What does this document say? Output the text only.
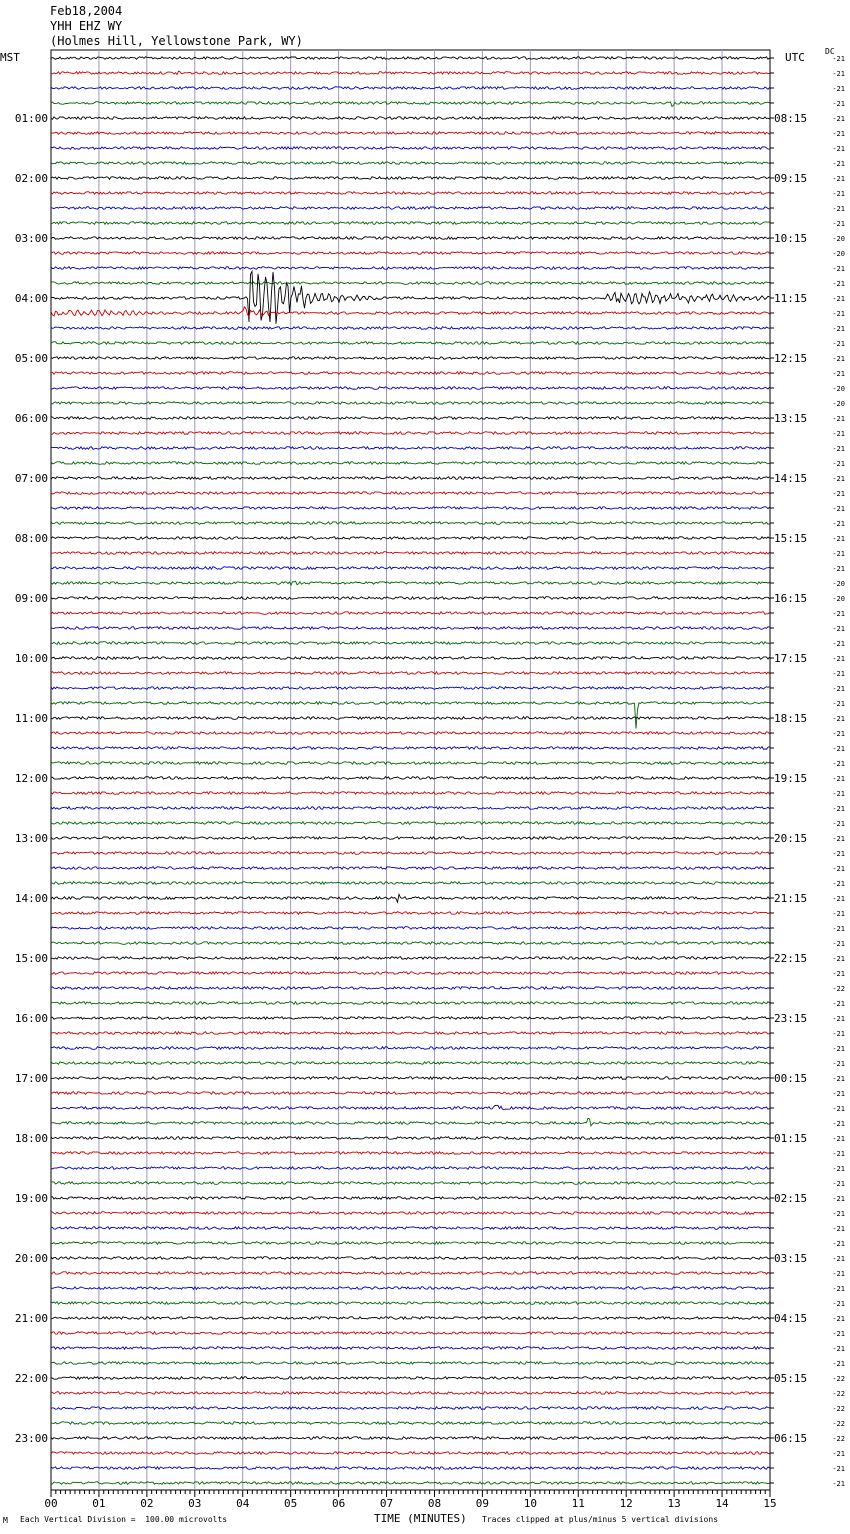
Feb18,2004
YHH EHZ WY
(Holmes Hill, Yellowstone Park, WY)
MST	UTC	DC
00	01	02	03	04	05	06	07	08	09	10	11	12	13	14	15
-21
-21
-21
-21
-21
-21
-21
-21
-21
-21
-21
-21
-20
-20
-21
-21
-21
-21
-21
-21
-21
-21
-20
-20
-21
-21
-21
-21
-21
-21
-21
-21
-21
-21
-21
-20
-20
-21
-21
-21
-21
-21
-21
-21
-21
-21
-21
-21
-21
-21
-21
-21
-21
-21
-21
-21
-21
-21
-21
-21
-21
-21
-22
-21
-21
-21
-21
-21
-21
-21
-21
-21
-21
-21
-21
-21
-21
-21
-21
-21
-21
-21
-21
-21
-21
-21
-21
-21
-22
-22
-22
-22
-22
-21
-21
-21
01:00
02:00
03:00
04:00
05:00
06:00
07:00
08:00
09:00
10:00
11:00
12:00
13:00
14:00
15:00
16:00
17:00
18:00
19:00
20:00
21:00
22:00
23:00
08:15
09:15
10:15
11:15
12:15
13:15
14:15
15:15
16:15
17:15
18:15
19:15
20:15
21:15
22:15
23:15
00:15
01:15
02:15
03:15
04:15
05:15
06:15
M Each Vertical Division =  100.00 microvolts	TIME (MINUTES) Traces clipped at plus/minus 5 vertical divisions
